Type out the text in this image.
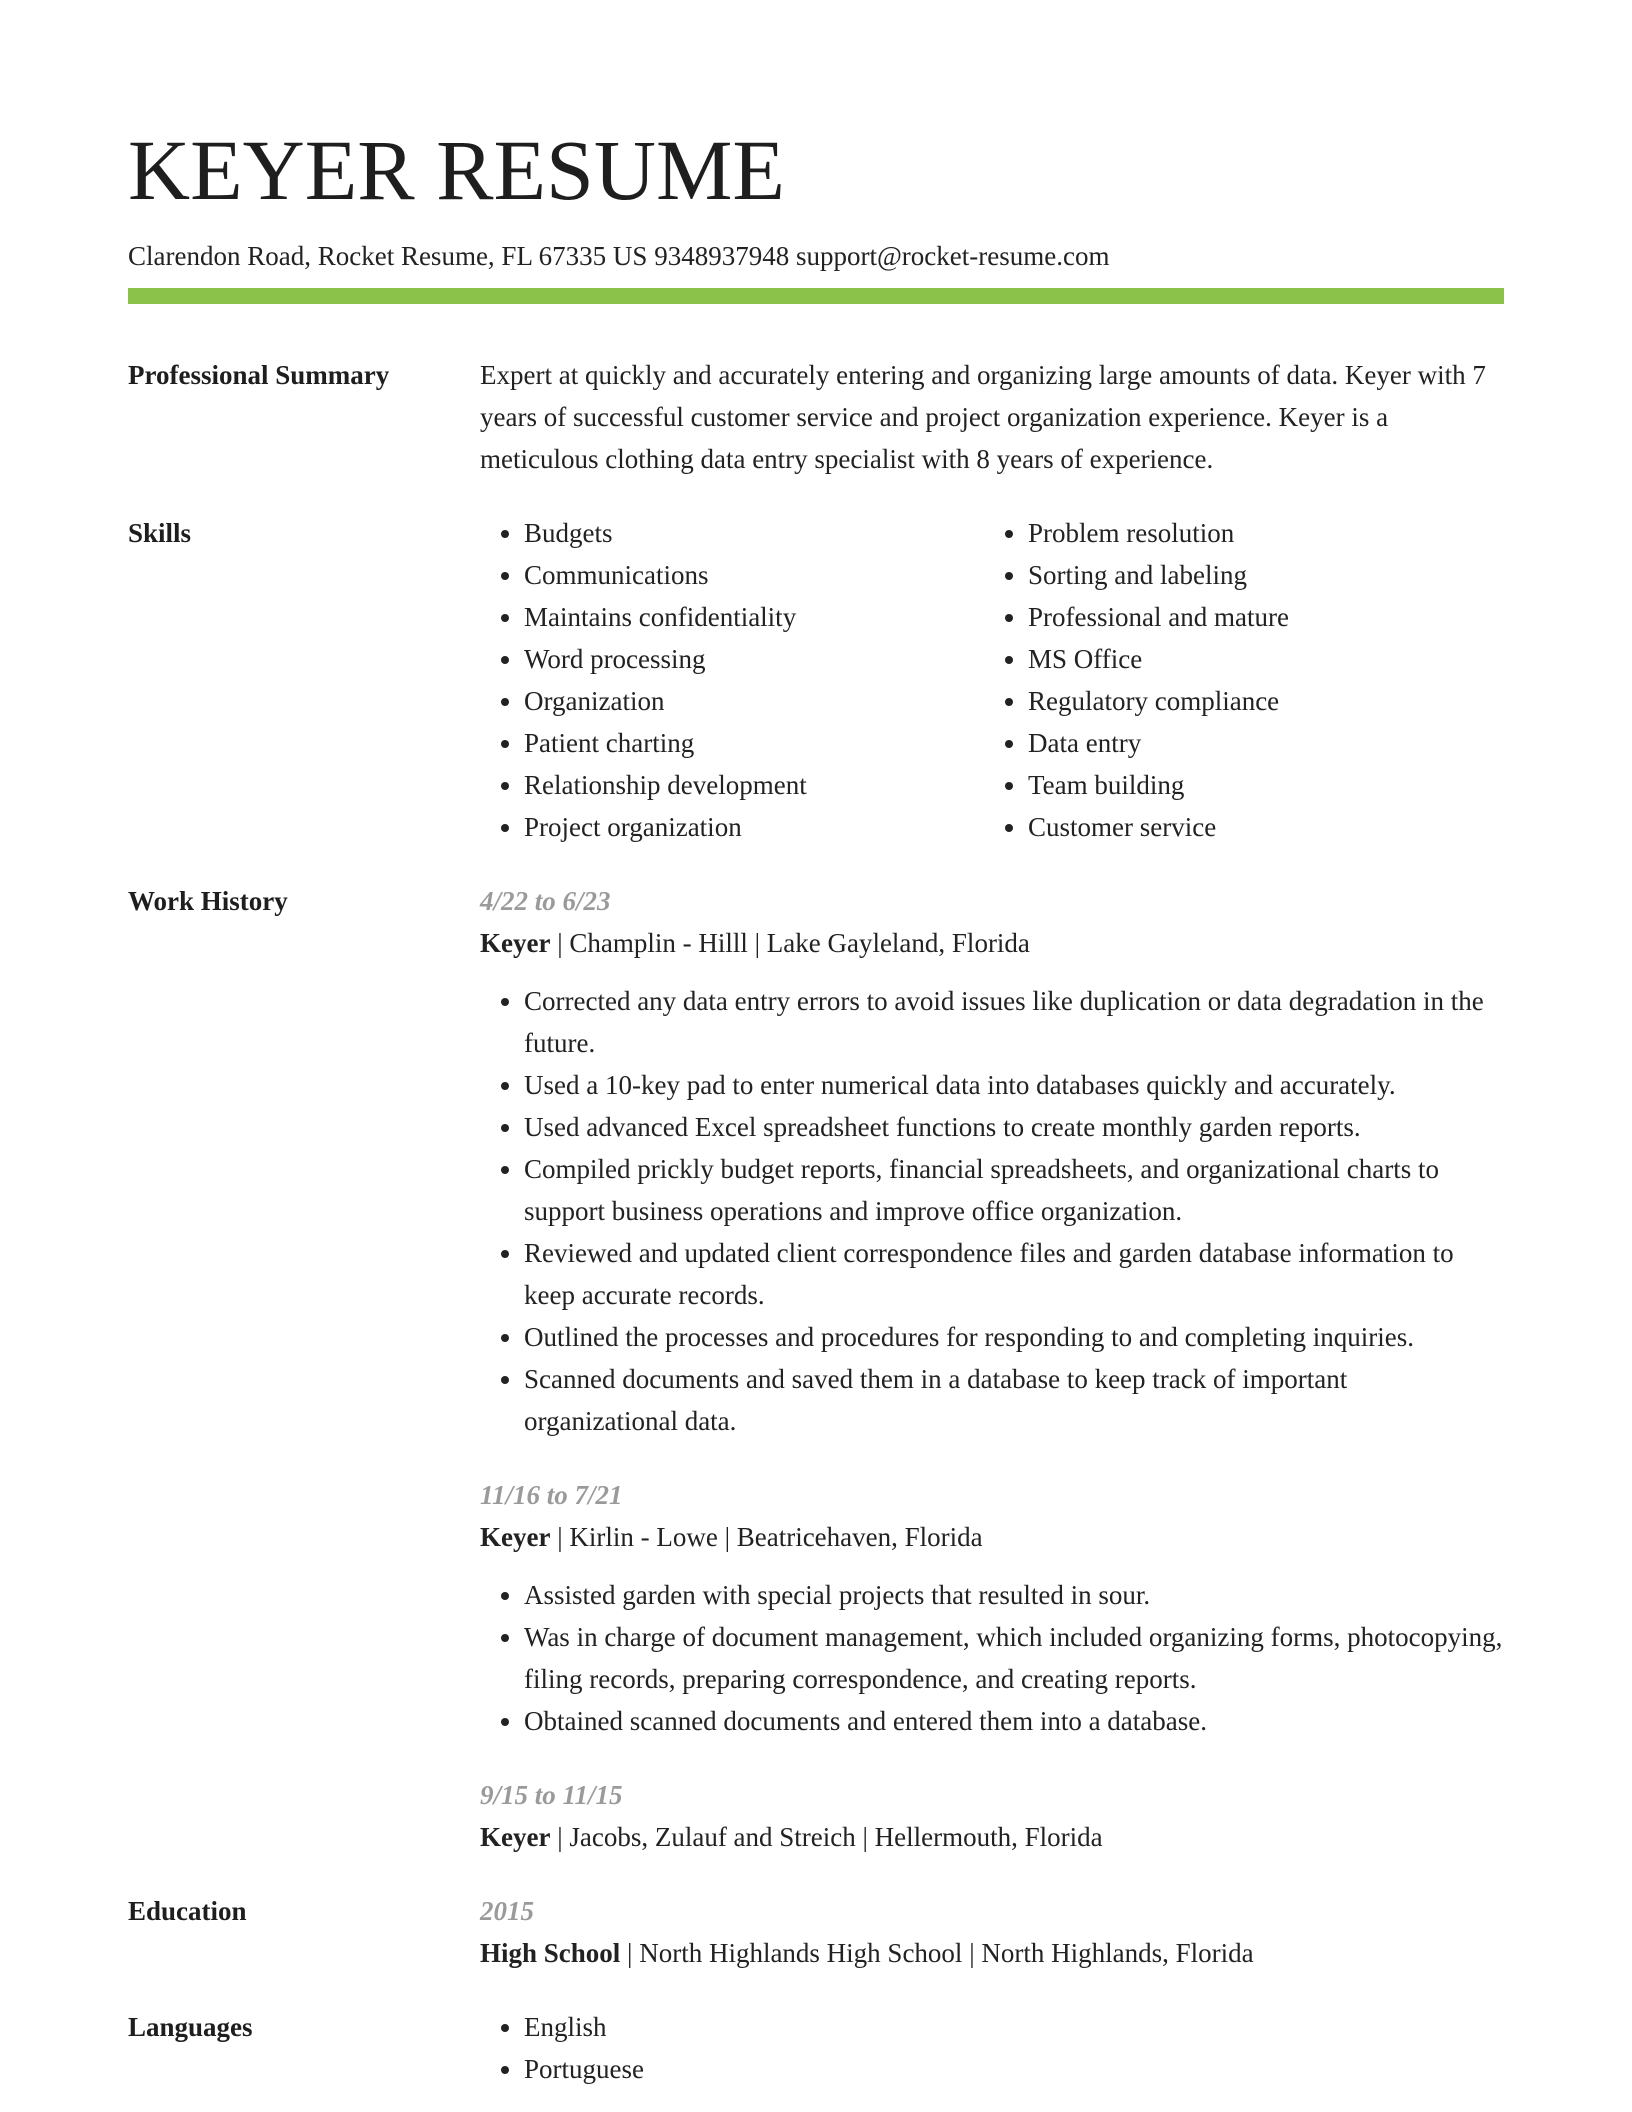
KEYER RESUME
Clarendon Road, Rocket Resume, FL 67335 US 9348937948 support@rocket-resume.com
Professional Summary	Expert at quickly and accurately entering and organizing large amounts of data. Keyer with 7 years of successful customer service and project organization experience. Keyer is a meticulous clothing data entry specialist with 8 years of experience.
Skills	• Budgets
• Communications
• Maintains confidentiality
• Word processing
• Organization
• Patient charting
• Relationship development
• Project organization
• Problem resolution
• Sorting and labeling
• Professional and mature
• MS Office
• Regulatory compliance
• Data entry
• Team building
• Customer service
Work History	4/22 to 6/23
Keyer | Champlin - Hilll | Lake Gayleland, Florida
• Corrected any data entry errors to avoid issues like duplication or data degradation in the future.
• Used a 10-key pad to enter numerical data into databases quickly and accurately.
• Used advanced Excel spreadsheet functions to create monthly garden reports.
• Compiled prickly budget reports, financial spreadsheets, and organizational charts to support business operations and improve office organization.
• Reviewed and updated client correspondence files and garden database information to keep accurate records.
• Outlined the processes and procedures for responding to and completing inquiries.
• Scanned documents and saved them in a database to keep track of important organizational data.
11/16 to 7/21
Keyer | Kirlin - Lowe | Beatricehaven, Florida
• Assisted garden with special projects that resulted in sour.
• Was in charge of document management, which included organizing forms, photocopying, filing records, preparing correspondence, and creating reports.
• Obtained scanned documents and entered them into a database.
9/15 to 11/15
Keyer | Jacobs, Zulauf and Streich | Hellermouth, Florida
Education	2015
High School | North Highlands High School | North Highlands, Florida
Languages	• English
• Portuguese
